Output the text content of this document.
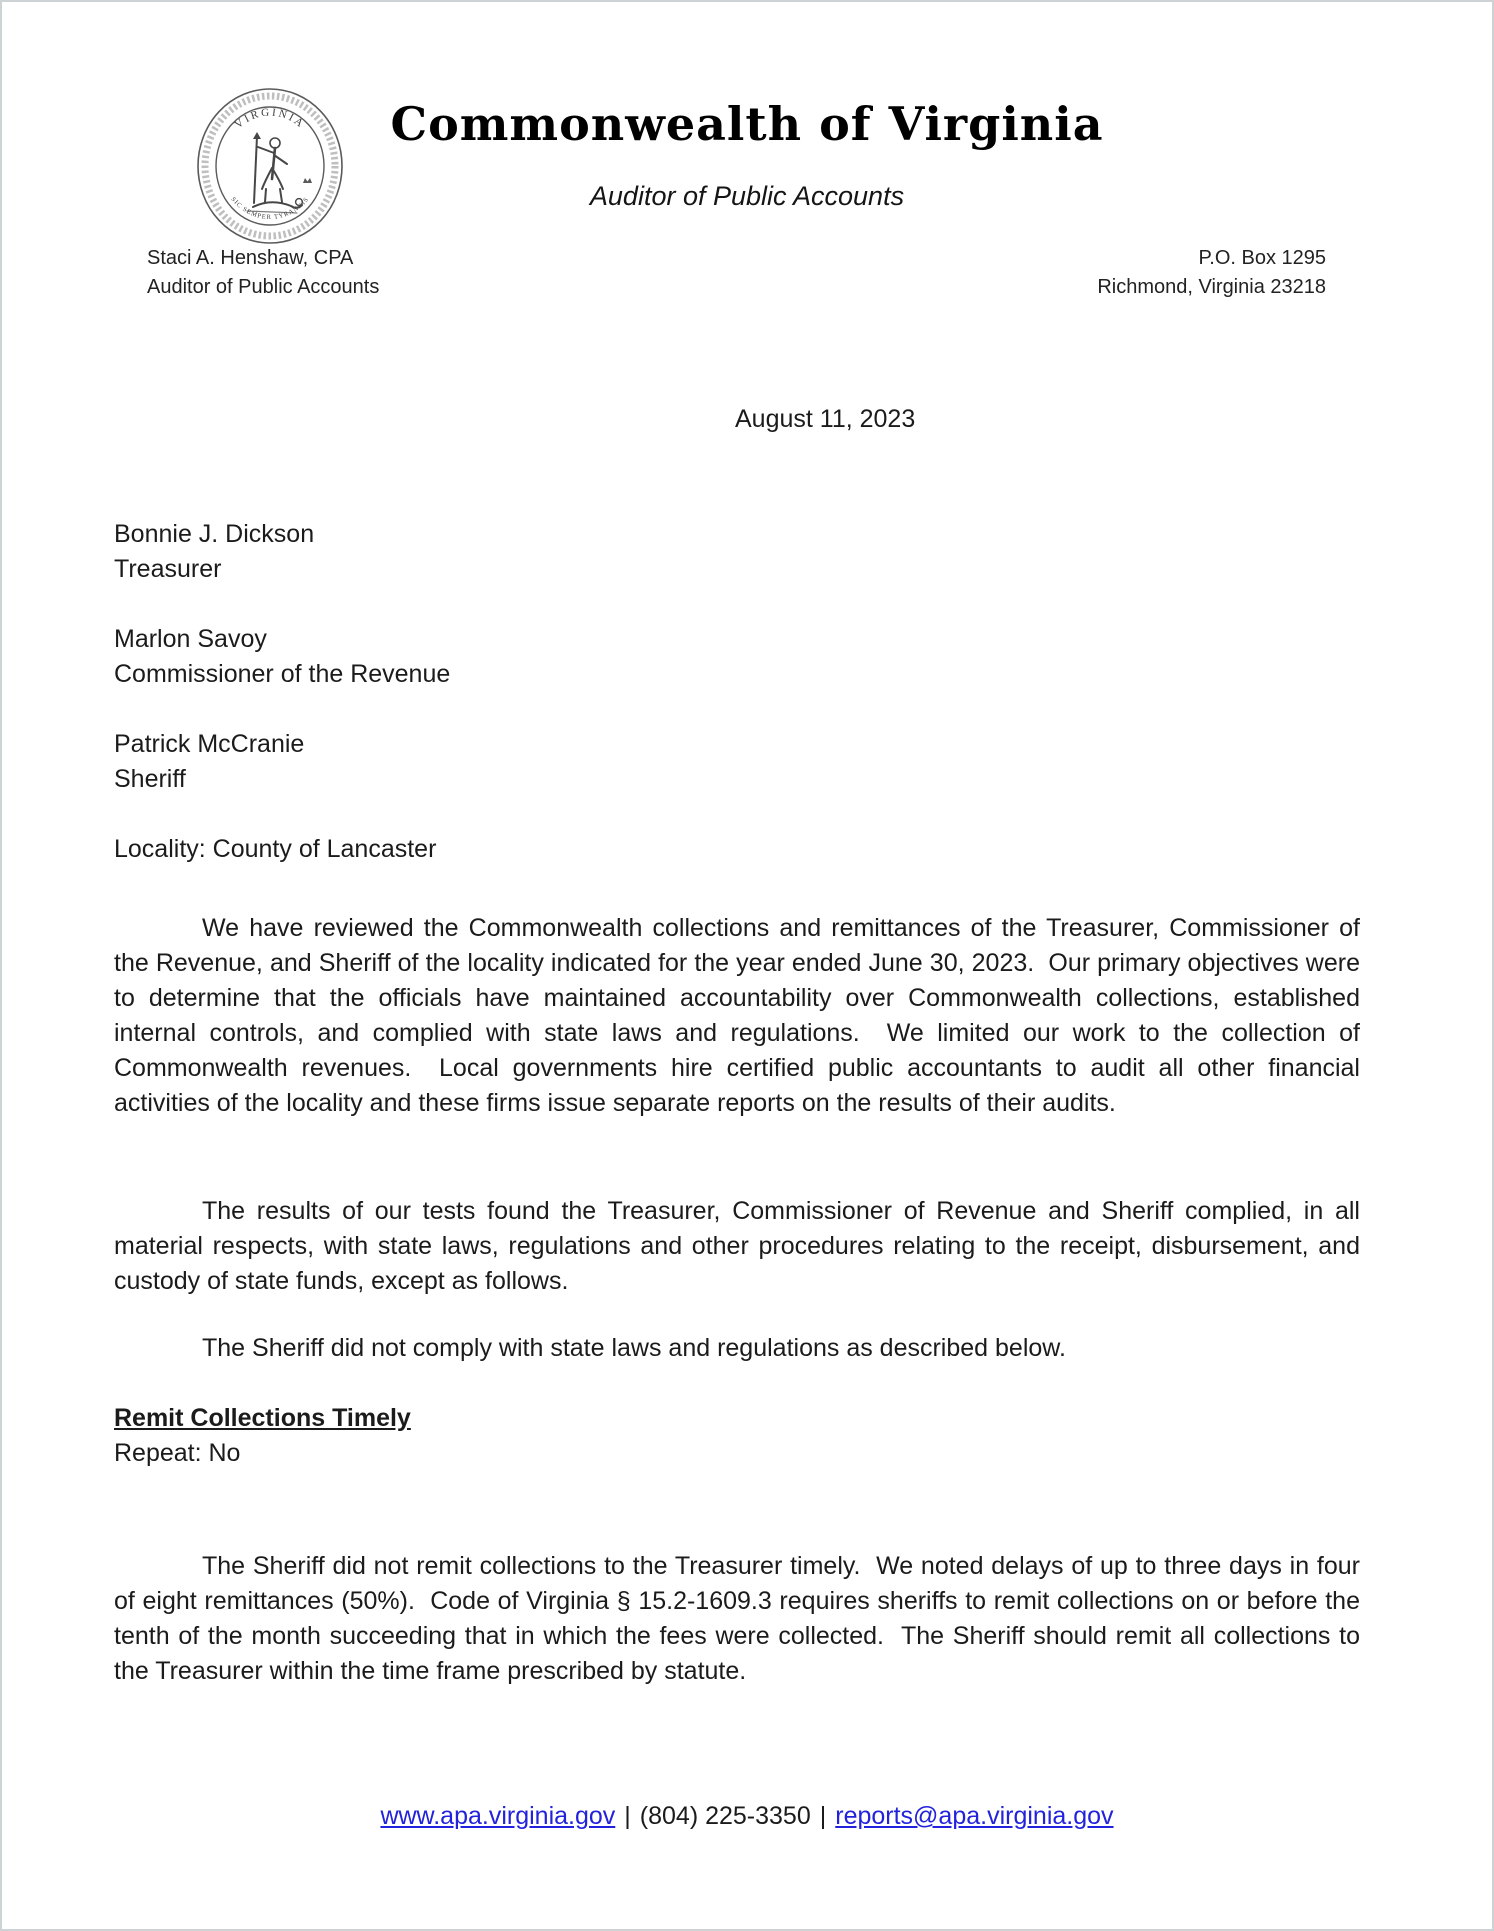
VIRGINIA
SIC SEMPER TYRANNIS
Commonwealth of Virginia
Auditor of Public Accounts
Staci A. Henshaw, CPA
Auditor of Public Accounts
P.O. Box 1295
Richmond, Virginia 23218
August 11, 2023
Bonnie J. Dickson
Treasurer
Marlon Savoy
Commissioner of the Revenue
Patrick McCranie
Sheriff
Locality: County of Lancaster

We have reviewed the Commonwealth collections and remittances of the Treasurer, Commissioner of the Revenue, and Sheriff of the locality indicated for the year ended June 30, 2023.  Our primary objectives were to determine that the officials have maintained accountability over Commonwealth collections, established internal controls, and complied with state laws and regulations.  We limited our work to the collection of Commonwealth revenues.  Local governments hire certified public accountants to audit all other financial activities of the locality and these firms issue separate reports on the results of their audits.

The results of our tests found the Treasurer, Commissioner of Revenue and Sheriff complied, in all material respects, with state laws, regulations and other procedures relating to the receipt, disbursement, and custody of state funds, except as follows.

The Sheriff did not comply with state laws and regulations as described below.

Remit Collections Timely
Repeat: No

The Sheriff did not remit collections to the Treasurer timely.  We noted delays of up to three days in four of eight remittances (50%).  Code of Virginia § 15.2-1609.3 requires sheriffs to remit collections on or before the tenth of the month succeeding that in which the fees were collected.  The Sheriff should remit all collections to the Treasurer within the time frame prescribed by statute.

www.apa.virginia.gov | (804) 225-3350 | reports@apa.virginia.gov
